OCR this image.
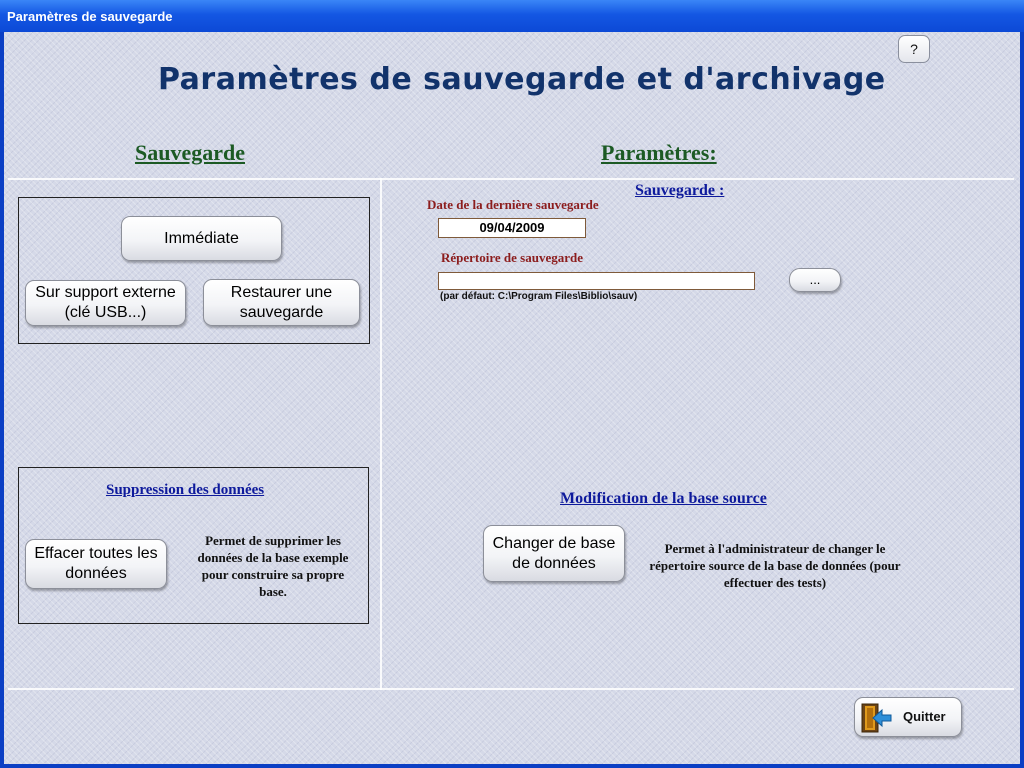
Paramètres de sauvegarde
?
Paramètres de sauvegarde et d'archivage
Sauvegarde
Immédiate
Sur support externe (clé USB...)
Restaurer une sauvegarde
Suppression des données
Effacer toutes les données
Permet de supprimer les données de la base exemple pour construire sa propre base.
Paramètres:
Sauvegarde :
Date de la dernière sauvegarde
09/04/2009
Répertoire de sauvegarde
...
(par défaut: C:\Program Files\Biblio\sauv)
Modification de la base source
Changer de base de données
Permet à l'administrateur de changer le répertoire source de la base de données (pour effectuer des tests)
Quitter
